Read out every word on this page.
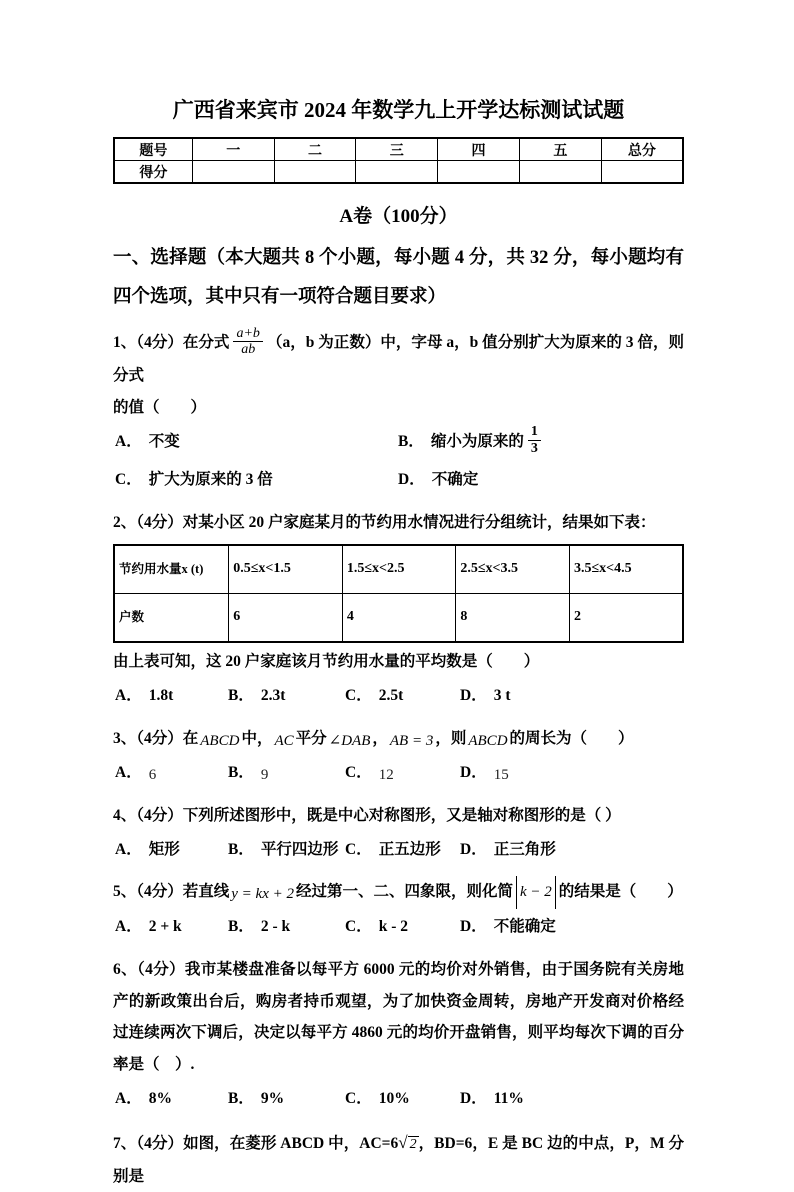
广西省来宾市 2024 年数学九上开学达标测试试题
题号	一	二	三	四	五	总分
得分						
A卷（100分）
一、选择题（本大题共 8 个小题，每小题 4 分，共 32 分，每小题均有四个选项，其中只有一项符合题目要求）
1、（4分）在分式 $\frac{a+b}{ab} (a$，b 为正数）中，字母 a，b 值分别扩大为原来的 3 倍，则分式
的值（　　）
A． 不变	B． 缩小为原来的 $\frac{1}{3}$
C． 扩大为原来的 3 倍	D． 不确定
2、（4分）对某小区 20 户家庭某月的节约用水情况进行分组统计，结果如下表：
节约用水量x (t)	0.5≤x<1.5	1.5≤x<2.5	2.5≤x<3.5	3.5≤x<4.5
户数	6	4	8	2
由上表可知，这 20 户家庭该月节约用水量的平均数是（　　）
A． 1.8t	B． 2.3t	C． 2.5t	D． 3 t
3、（4分）在 ABCD 中， AC 平分 ∠DAB ， AB = 3 ，则 ABCD 的周长为（　　）
A． 6	B． 9	C． 12	D． 15
4、（4分）下列所述图形中，既是中心对称图形，又是轴对称图形的是（ ）
A． 矩形	B． 平行四边形 C． 正五边形	D． 正三角形
5、（4分）若直线 y = kx + 2 经过第一、二、四象限，则化简 k − 2 的结果是（　　）
A． 2 + k	B． 2 - k	C． k - 2	D． 不能确定
6、（4分）我市某楼盘准备以每平方 6000 元的均价对外销售，由于国务院有关房地产的新政策出台后，购房者持币观望，为了加快资金周转，房地产开发商对价格经过连续两次下调后，决定以每平方 4860 元的均价开盘销售，则平均每次下调的百分率是（　）.
A． 8%	B． 9%	C． 10%	D． 11%
7、（4分）如图，在菱形 ABCD 中，AC=6√ 2 ，BD=6，E 是 BC 边的中点，P，M 分别是
